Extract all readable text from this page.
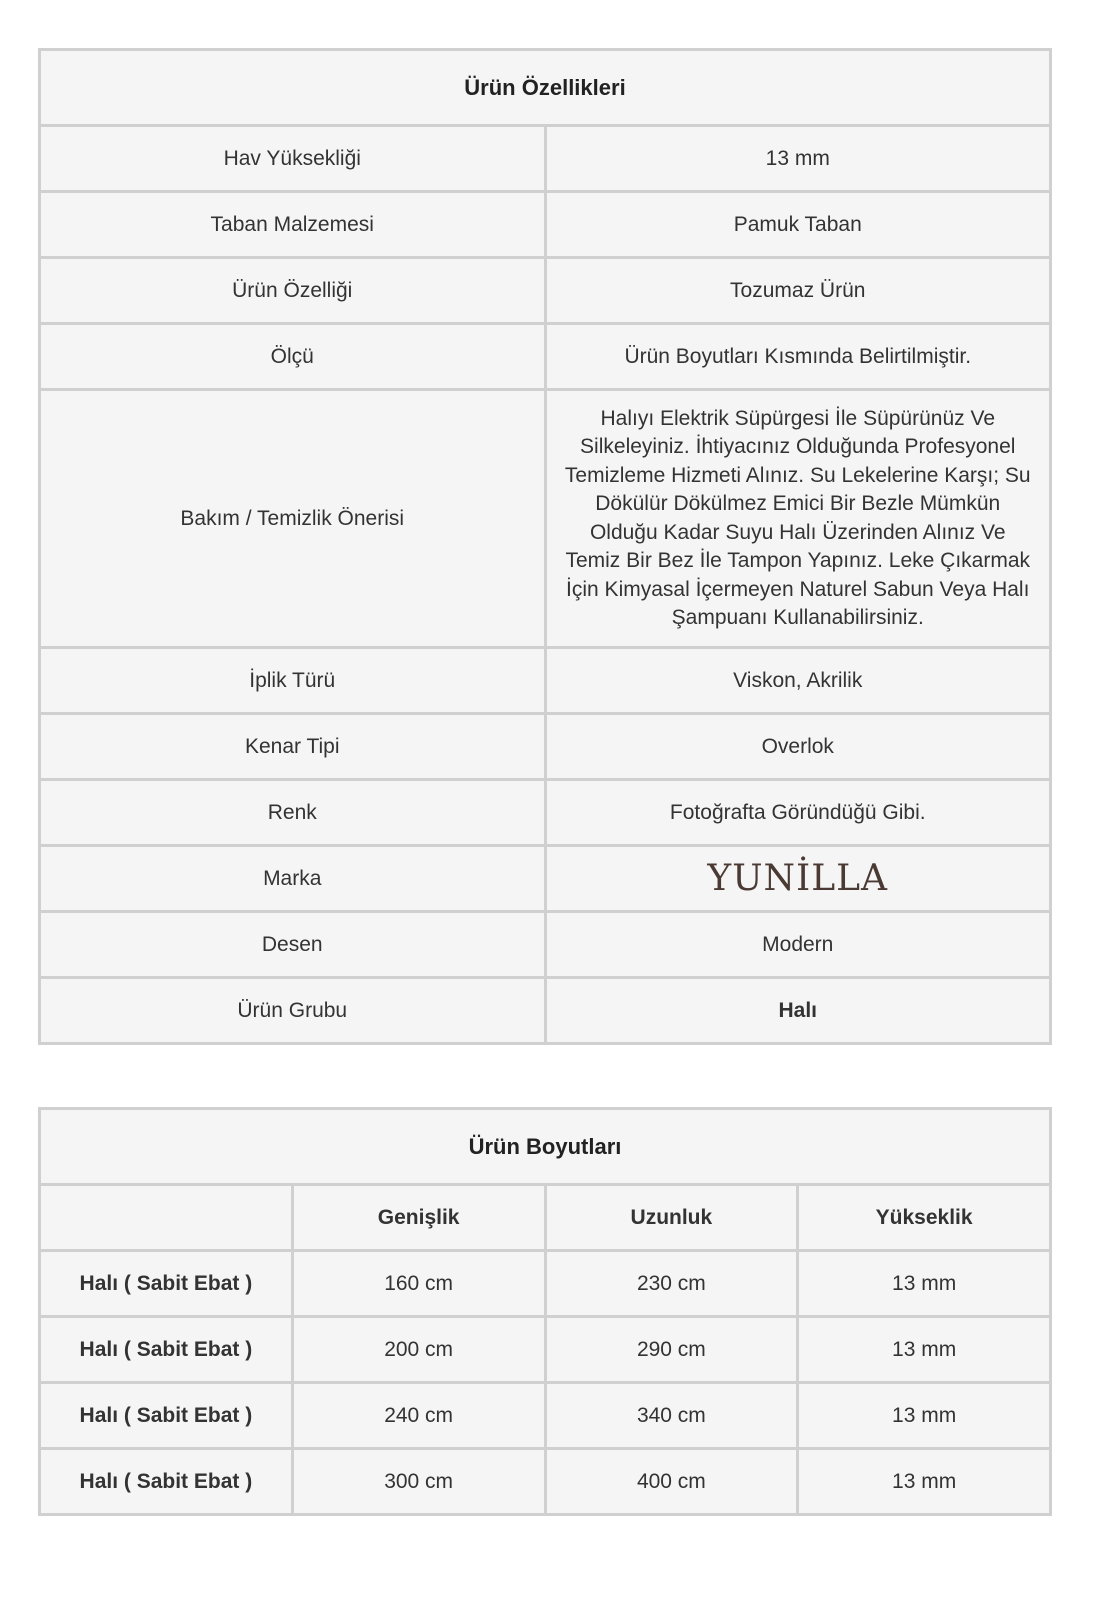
Ürün Özellikleri	
Hav Yüksekliği	13 mm
Taban Malzemesi	Pamuk Taban
Ürün Özelliği	Tozumaz Ürün
Ölçü	Ürün Boyutları Kısmında Belirtilmiştir.
Bakım / Temizlik Önerisi	Halıyı Elektrik Süpürgesi İle Süpürünüz Ve Silkeleyiniz. İhtiyacınız Olduğunda Profesyonel Temizleme Hizmeti Alınız. Su Lekelerine Karşı; Su Dökülür Dökülmez Emici Bir Bezle Mümkün Olduğu Kadar Suyu Halı Üzerinden Alınız Ve Temiz Bir Bez İle Tampon Yapınız. Leke Çıkarmak İçin Kimyasal İçermeyen Naturel Sabun Veya Halı Şampuanı Kullanabilirsiniz.
İplik Türü	Viskon, Akrilik
Kenar Tipi	Overlok
Renk	Fotoğrafta Göründüğü Gibi.
Marka	YUNİLLA
Desen	Modern
Ürün Grubu	Halı
Ürün Boyutları			
	Genişlik	Uzunluk	Yükseklik
Halı ( Sabit Ebat )	160 cm	230 cm	13 mm
Halı ( Sabit Ebat )	200 cm	290 cm	13 mm
Halı ( Sabit Ebat )	240 cm	340 cm	13 mm
Halı ( Sabit Ebat )	300 cm	400 cm	13 mm
